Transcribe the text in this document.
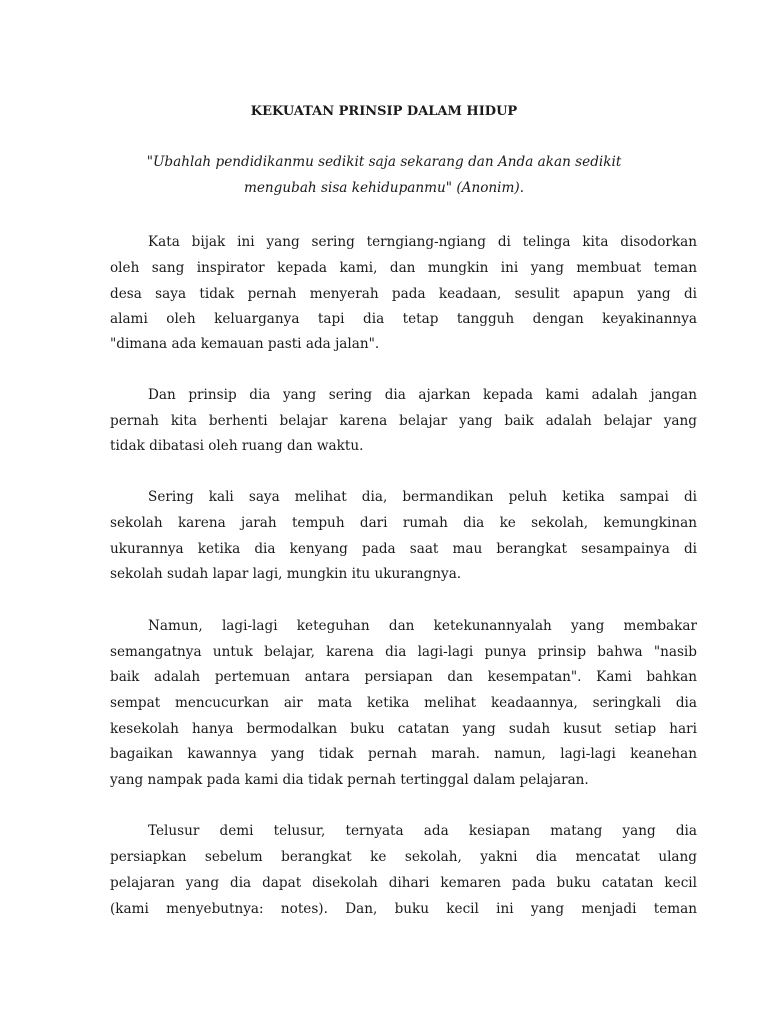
KEKUATAN PRINSIP DALAM HIDUP
"Ubahlah pendidikanmu sedikit saja sekarang dan Anda akan sedikit
mengubah sisa kehidupanmu" (Anonim).
Kata bijak ini yang sering terngiang-ngiang di telinga kita disodorkan
oleh sang inspirator kepada kami, dan mungkin ini yang membuat teman
desa saya tidak pernah menyerah pada keadaan, sesulit apapun yang di
alami oleh keluarganya tapi dia tetap tangguh dengan keyakinannya
"dimana ada kemauan pasti ada jalan".
Dan prinsip dia yang sering dia ajarkan kepada kami adalah jangan
pernah kita berhenti belajar karena belajar yang baik adalah belajar yang
tidak dibatasi oleh ruang dan waktu.
Sering kali saya melihat dia, bermandikan peluh ketika sampai di
sekolah karena jarah tempuh dari rumah dia ke sekolah, kemungkinan
ukurannya ketika dia kenyang pada saat mau berangkat sesampainya di
sekolah sudah lapar lagi, mungkin itu ukurangnya.
Namun, lagi-lagi keteguhan dan ketekunannyalah yang membakar
semangatnya untuk belajar, karena dia lagi-lagi punya prinsip bahwa "nasib
baik adalah pertemuan antara persiapan dan kesempatan". Kami bahkan
sempat mencucurkan air mata ketika melihat keadaannya, seringkali dia
kesekolah hanya bermodalkan buku catatan yang sudah kusut setiap hari
bagaikan kawannya yang tidak pernah marah. namun, lagi-lagi keanehan
yang nampak pada kami dia tidak pernah tertinggal dalam pelajaran.
Telusur demi telusur, ternyata ada kesiapan matang yang dia
persiapkan sebelum berangkat ke sekolah, yakni dia mencatat ulang
pelajaran yang dia dapat disekolah dihari kemaren pada buku catatan kecil
(kami menyebutnya: notes). Dan, buku kecil ini yang menjadi teman
